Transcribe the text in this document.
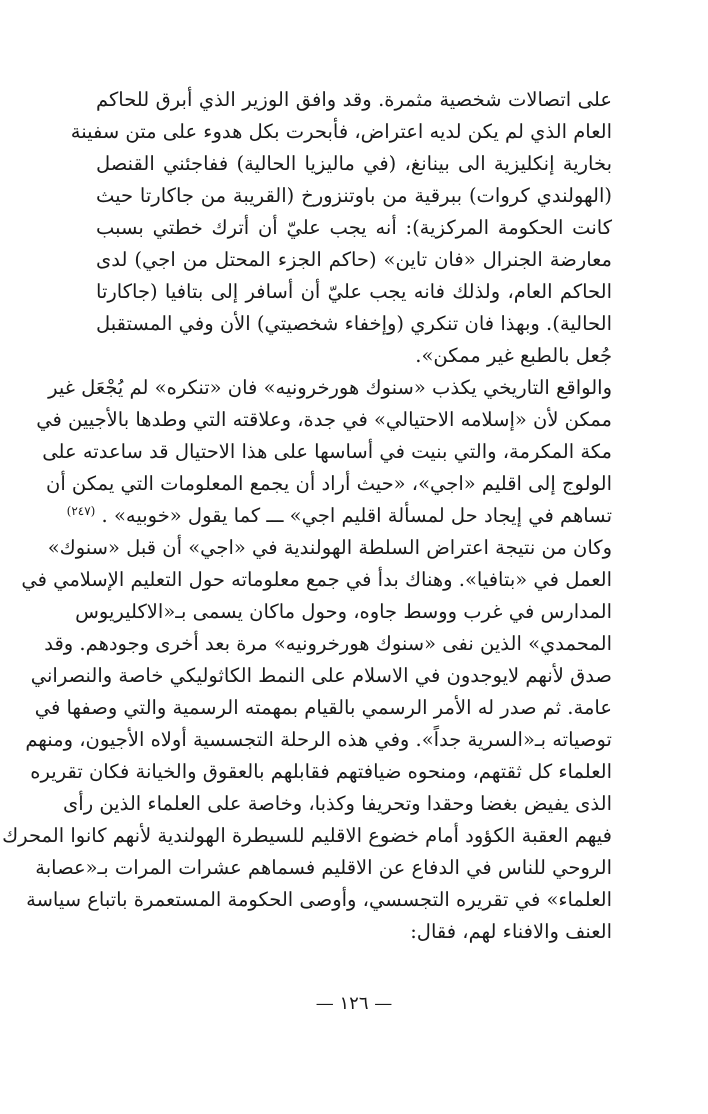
على اتصالات شخصية مثمرة. وقد وافق الوزير الذي أبرق للحاكم
العام الذي لم يكن لديه اعتراض، فأبحرت بكل هدوء على متن سفينة
بخارية إنكليزية الى بينانغ، (في ماليزيا الحالية) ففاجئني القنصل
(الهولندي كروات) ببرقية من باوتنزورخ (القريبة من جاكارتا حيث
كانت الحكومة المركزية): أنه يجب عليّ أن أترك خطتي بسبب
معارضة الجنرال «فان تاين» (حاكم الجزء المحتل من اجي) لدى
الحاكم العام، ولذلك فانه يجب عليّ أن أسافر إلى بتافيا (جاكارتا
الحالية). وبهذا فان تنكري (وإخفاء شخصيتي) الأن وفي المستقبل
جُعل بالطبع غير ممكن».
والواقع التاريخي يكذب «سنوك هورخرونيه» فان «تنكره» لم يُجْعَل غير
ممكن لأن «إسلامه الاحتيالي» في جدة، وعلاقته التي وطدها بالأجيين في
مكة المكرمة، والتي بنيت في أساسها على هذا الاحتيال قد ساعدته على
الولوج إلى اقليم «اجي»، «حيث أراد أن يجمع المعلومات التي يمكن أن
تساهم في إيجاد حل لمسألة اقليم اجي» ـــ كما يقول «خوبيه» . $^{(٢٤٧)}$
وكان من نتيجة اعتراض السلطة الهولندية في «اجي» أن قبل «سنوك»
العمل في «بتافيا». وهناك بدأ في جمع معلوماته حول التعليم الإسلامي في
المدارس في غرب ووسط جاوه، وحول ماكان يسمى بـ«الاكليريوس
المحمدي» الذين نفى «سنوك هورخرونيه» مرة بعد أخرى وجودهم. وقد
صدق لأنهم لايوجدون في الاسلام على النمط الكاثوليكي خاصة والنصراني
عامة. ثم صدر له الأمر الرسمي بالقيام بمهمته الرسمية والتي وصفها في
توصياته بـ«السرية جداً». وفي هذه الرحلة التجسسية أولاه الأجيون، ومنهم
العلماء كل ثقتهم، ومنحوه ضيافتهم فقابلهم بالعقوق والخيانة فكان تقريره
الذى يفيض بغضا وحقدا وتحريفا وكذبا، وخاصة على العلماء الذين رأى
فيهم العقبة الكؤود أمام خضوع الاقليم للسيطرة الهولندية لأنهم كانوا المحرك
الروحي للناس في الدفاع عن الاقليم فسماهم عشرات المرات بـ«عصابة
العلماء» في تقريره التجسسي، وأوصى الحكومة المستعمرة باتباع سياسة
العنف والافناء لهم، فقال:
— ١٢٦ —
